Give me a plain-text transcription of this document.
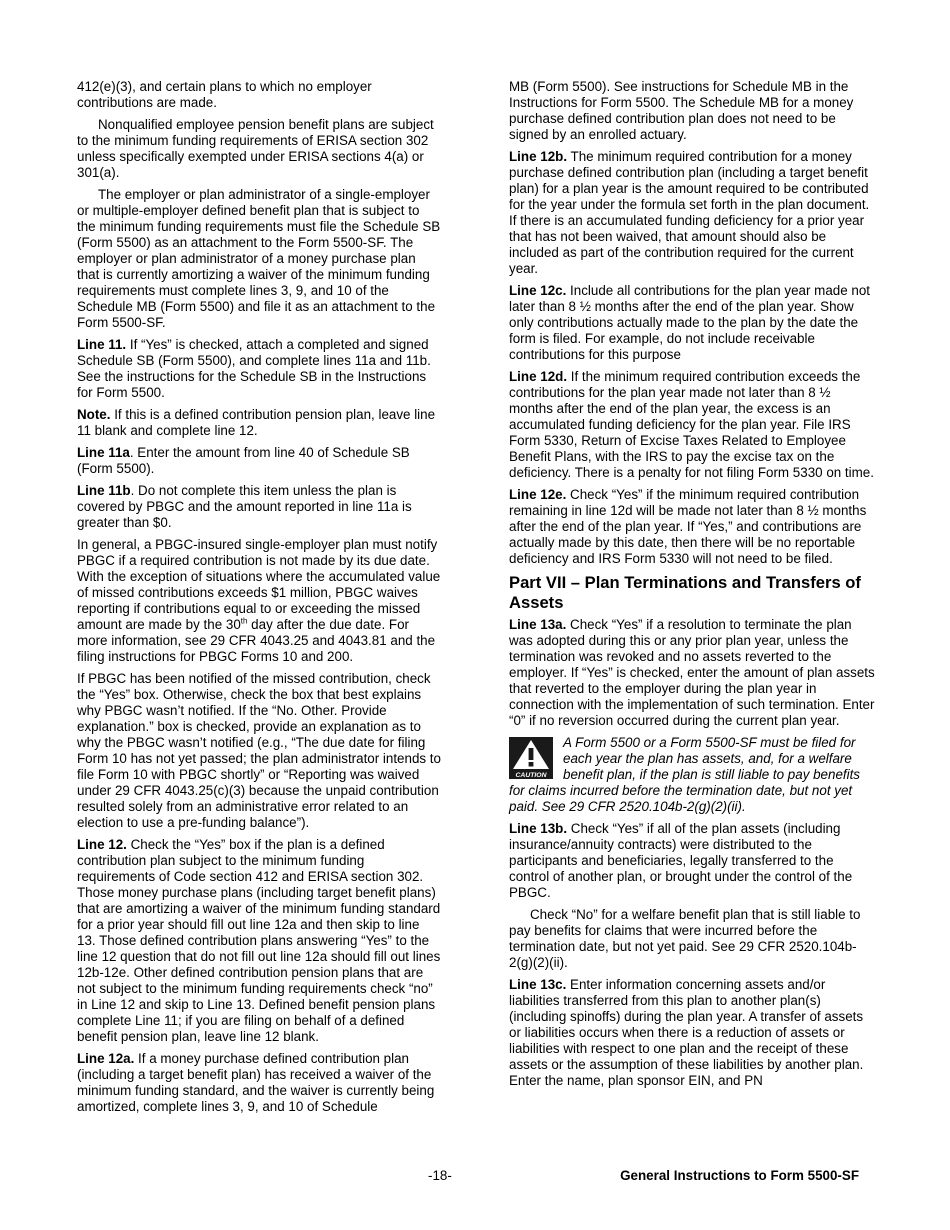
412(e)(3), and certain plans to which no employer contributions are made.

Nonqualified employee pension benefit plans are subject to the minimum funding requirements of ERISA section 302 unless specifically exempted under ERISA sections 4(a) or 301(a).

The employer or plan administrator of a single-employer or multiple-employer defined benefit plan that is subject to the minimum funding requirements must file the Schedule SB (Form 5500) as an attachment to the Form 5500-SF. The employer or plan administrator of a money purchase plan that is currently amortizing a waiver of the minimum funding requirements must complete lines 3, 9, and 10 of the Schedule MB (Form 5500) and file it as an attachment to the Form 5500-SF.

Line 11. If “Yes” is checked, attach a completed and signed Schedule SB (Form 5500), and complete lines 11a and 11b. See the instructions for the Schedule SB in the Instructions for Form 5500.

Note. If this is a defined contribution pension plan, leave line 11 blank and complete line 12.

Line 11a. Enter the amount from line 40 of Schedule SB (Form 5500).

Line 11b. Do not complete this item unless the plan is covered by PBGC and the amount reported in line 11a is greater than $0.

In general, a PBGC-insured single-employer plan must notify PBGC if a required contribution is not made by its due date. With the exception of situations where the accumulated value of missed contributions exceeds $1 million, PBGC waives reporting if contributions equal to or exceeding the missed amount are made by the 30th day after the due date. For more information, see 29 CFR 4043.25 and 4043.81 and the filing instructions for PBGC Forms 10 and 200.

If PBGC has been notified of the missed contribution, check the “Yes” box. Otherwise, check the box that best explains why PBGC wasn’t notified. If the “No. Other. Provide explanation.” box is checked, provide an explanation as to why the PBGC wasn’t notified (e.g., “The due date for filing Form 10 has not yet passed; the plan administrator intends to file Form 10 with PBGC shortly” or “Reporting was waived under 29 CFR 4043.25(c)(3) because the unpaid contribution resulted solely from an administrative error related to an election to use a pre-funding balance”).

Line 12. Check the “Yes” box if the plan is a defined contribution plan subject to the minimum funding requirements of Code section 412 and ERISA section 302. Those money purchase plans (including target benefit plans) that are amortizing a waiver of the minimum funding standard for a prior year should fill out line 12a and then skip to line 13. Those defined contribution plans answering “Yes” to the line 12 question that do not fill out line 12a should fill out lines 12b-12e. Other defined contribution pension plans that are not subject to the minimum funding requirements check “no” in Line 12 and skip to Line 13. Defined benefit pension plans complete Line 11; if you are filing on behalf of a defined benefit pension plan, leave line 12 blank.

Line 12a. If a money purchase defined contribution plan (including a target benefit plan) has received a waiver of the minimum funding standard, and the waiver is currently being amortized, complete lines 3, 9, and 10 of Schedule

MB (Form 5500). See instructions for Schedule MB in the Instructions for Form 5500. The Schedule MB for a money purchase defined contribution plan does not need to be signed by an enrolled actuary.

Line 12b. The minimum required contribution for a money purchase defined contribution plan (including a target benefit plan) for a plan year is the amount required to be contributed for the year under the formula set forth in the plan document. If there is an accumulated funding deficiency for a prior year that has not been waived, that amount should also be included as part of the contribution required for the current year.

Line 12c. Include all contributions for the plan year made not later than 8 ½ months after the end of the plan year. Show only contributions actually made to the plan by the date the form is filed. For example, do not include receivable contributions for this purpose

Line 12d. If the minimum required contribution exceeds the contributions for the plan year made not later than 8 ½ months after the end of the plan year, the excess is an accumulated funding deficiency for the plan year. File IRS Form 5330, Return of Excise Taxes Related to Employee Benefit Plans, with the IRS to pay the excise tax on the deficiency. There is a penalty for not filing Form 5330 on time.

Line 12e. Check “Yes” if the minimum required contribution remaining in line 12d will be made not later than 8 ½ months after the end of the plan year. If “Yes,” and contributions are actually made by this date, then there will be no reportable deficiency and IRS Form 5330 will not need to be filed.

Part VII – Plan Terminations and Transfers of Assets

Line 13a. Check “Yes” if a resolution to terminate the plan was adopted during this or any prior plan year, unless the termination was revoked and no assets reverted to the employer. If “Yes” is checked, enter the amount of plan assets that reverted to the employer during the plan year in connection with the implementation of such termination. Enter “0” if no reversion occurred during the current plan year.

CAUTION
A Form 5500 or a Form 5500-SF must be filed for each year the plan has assets, and, for a welfare benefit plan, if the plan is still liable to pay benefits for claims incurred before the termination date, but not yet paid. See 29 CFR 2520.104b-2(g)(2)(ii).

Line 13b. Check “Yes” if all of the plan assets (including insurance/annuity contracts) were distributed to the participants and beneficiaries, legally transferred to the control of another plan, or brought under the control of the PBGC.

Check “No” for a welfare benefit plan that is still liable to pay benefits for claims that were incurred before the termination date, but not yet paid. See 29 CFR 2520.104b-2(g)(2)(ii).

Line 13c. Enter information concerning assets and/or liabilities transferred from this plan to another plan(s) (including spinoffs) during the plan year. A transfer of assets or liabilities occurs when there is a reduction of assets or liabilities with respect to one plan and the receipt of these assets or the assumption of these liabilities by another plan. Enter the name, plan sponsor EIN, and PN

-18-	General Instructions to Form 5500-SF
